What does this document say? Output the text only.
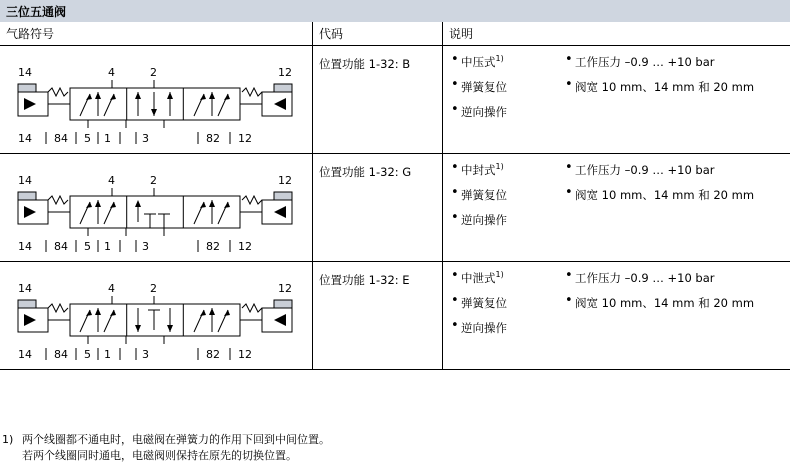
三位五通阀
气路符号	代码	说明
14	12
4	2
14 84 5 1	3	82 12
位置功能 1-32: B	• 中压式$^{1)}$
• 弹簧复位
• 逆向操作
• 工作压力 –0.9 … +10 bar
• 阀宽 10 mm、14 mm 和 20 mm
14	12
4	2
14 84 5 1	3	82 12
位置功能 1-32: G	• 中封式$^{1)}$
• 弹簧复位
• 逆向操作
• 工作压力 –0.9 … +10 bar
• 阀宽 10 mm、14 mm 和 20 mm
14	12
4	2
14 84 5 1	3	82 12
位置功能 1-32: E	• 中泄式$^{1)}$
• 弹簧复位
• 逆向操作
• 工作压力 –0.9 … +10 bar
• 阀宽 10 mm、14 mm 和 20 mm
1) 两个线圈都不通电时，电磁阀在弹簧力的作用下回到中间位置。
若两个线圈同时通电，电磁阀则保持在原先的切换位置。
